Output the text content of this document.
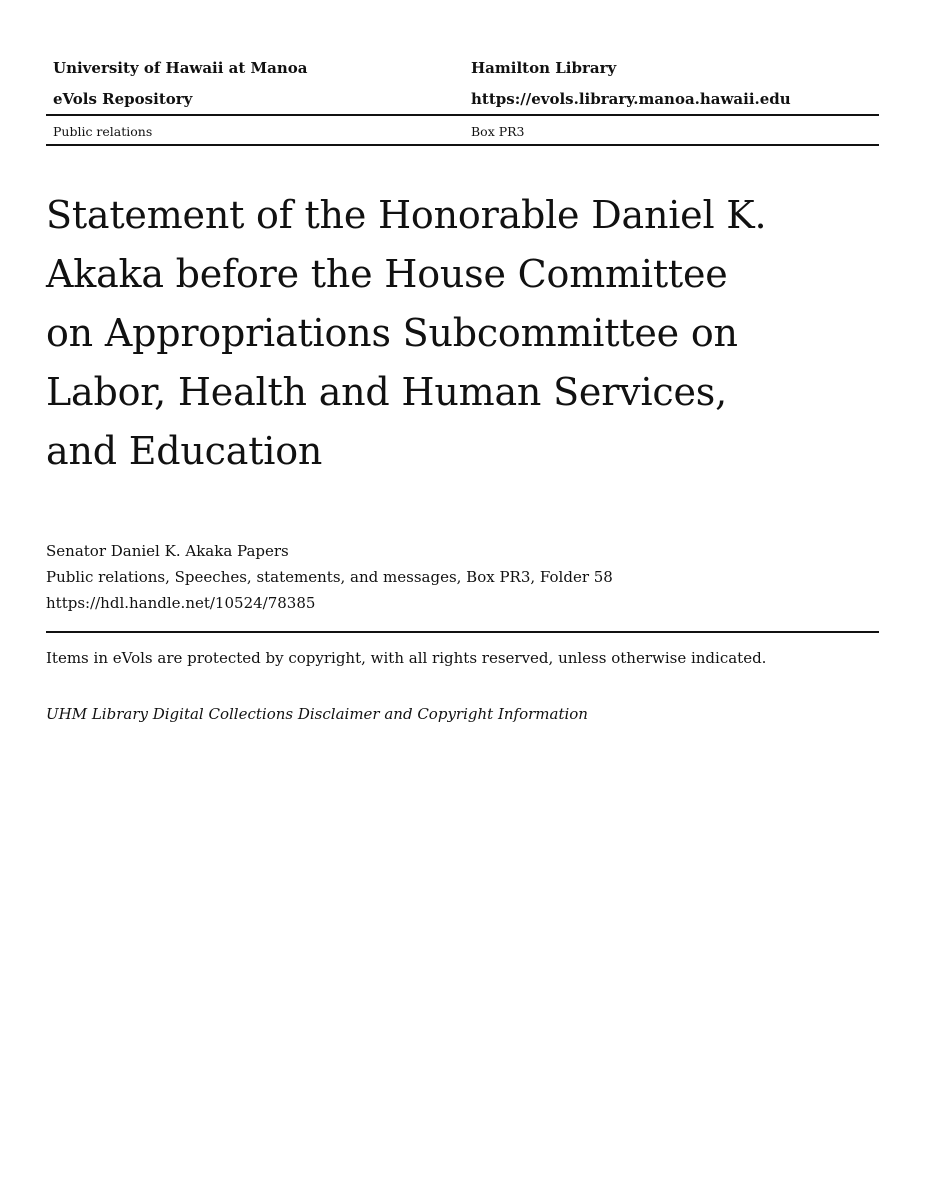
University of Hawaii at Manoa	Hamilton Library
eVols Repository	https://evols.library.manoa.hawaii.edu
Public relations	Box PR3
Statement of the Honorable Daniel K.
Akaka before the House Committee
on Appropriations Subcommittee on
Labor, Health and Human Services,
and Education
Senator Daniel K. Akaka Papers
Public relations, Speeches, statements, and messages, Box PR3, Folder 58
https://hdl.handle.net/10524/78385
Items in eVols are protected by copyright, with all rights reserved, unless otherwise indicated.
UHM Library Digital Collections Disclaimer and Copyright Information
